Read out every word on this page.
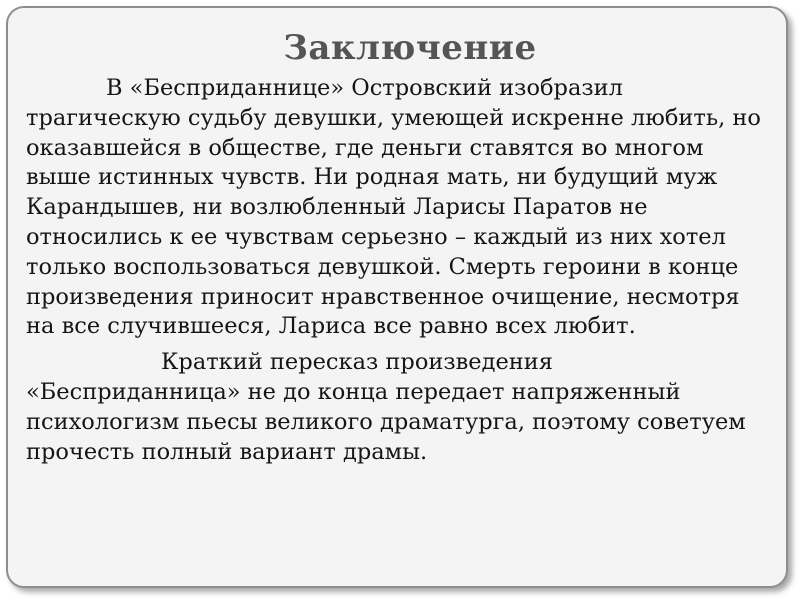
Заключение

В «Бесприданнице» Островский изобразил трагическую судьбу девушки, умеющей искренне любить, но оказавшейся в обществе, где деньги ставятся во многом выше истинных чувств. Ни родная мать, ни будущий муж Карандышев, ни возлюбленный Ларисы Паратов не относились к ее чувствам серьезно – каждый из них хотел только воспользоваться девушкой. Смерть героини в конце произведения приносит нравственное очищение, несмотря на все случившееся, Лариса все равно всех любит.

Краткий пересказ произведения «Бесприданница» не до конца передает напряженный психологизм пьесы великого драматурга, поэтому советуем прочесть полный вариант драмы.
